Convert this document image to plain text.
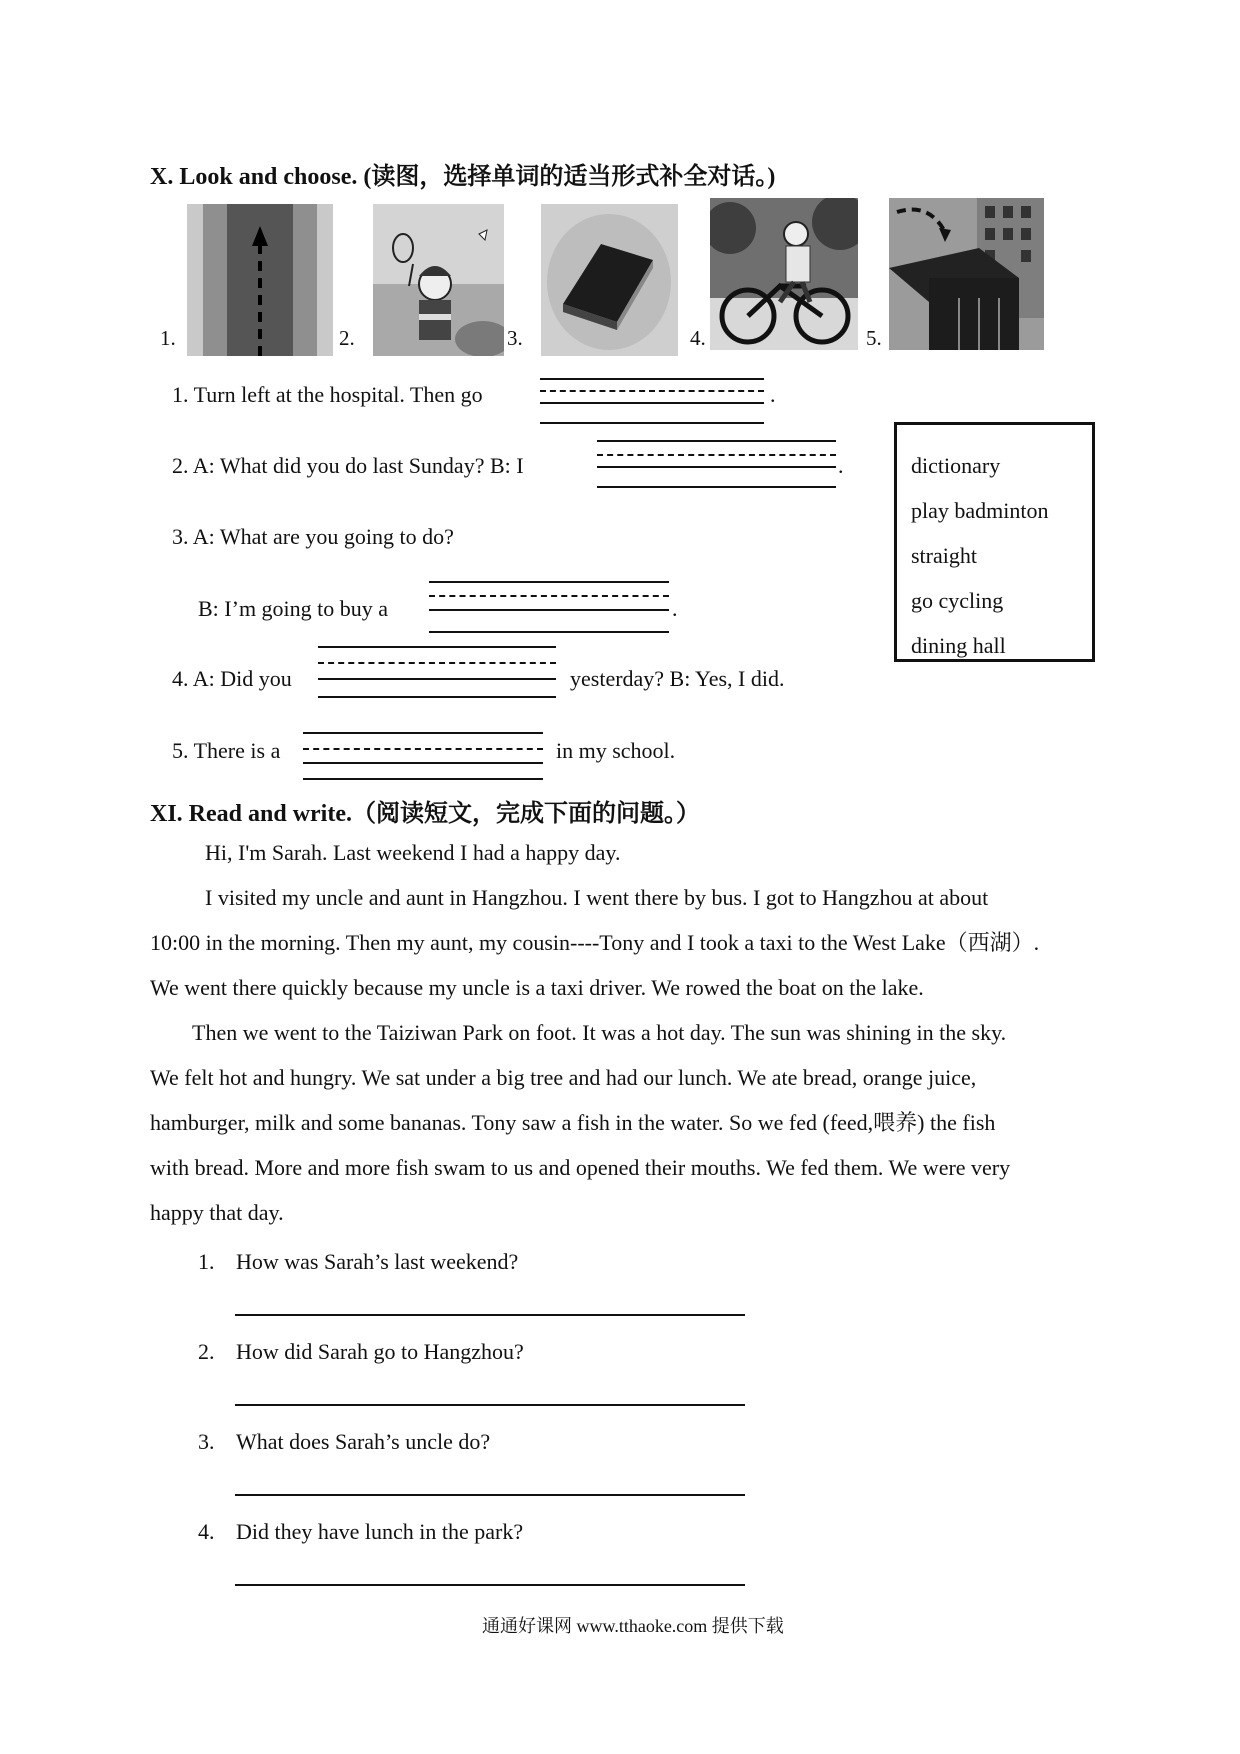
X. Look and choose. (读图，选择单词的适当形式补全对话。)
1.	2.	3.	4.	5.
1. Turn left at the hospital. Then go	.
2. A: What did you do last Sunday? B: I	.
3. A: What are you going to do?
B: I’m going to buy a	.
4. A: Did you	yesterday? B: Yes, I did.
5. There is a	in my school.
dictionary
play badminton
straight
go cycling
dining hall
XI. Read and write.（阅读短文，完成下面的问题。）
Hi, I'm Sarah. Last weekend I had a happy day.
I visited my uncle and aunt in Hangzhou. I went there by bus. I got to Hangzhou at about
10:00 in the morning. Then my aunt, my cousin----Tony and I took a taxi to the West Lake（西湖）.
We went there quickly because my uncle is a taxi driver. We rowed the boat on the lake.
Then we went to the Taiziwan Park on foot. It was a hot day. The sun was shining in the sky.
We felt hot and hungry. We sat under a big tree and had our lunch. We ate bread, orange juice,
hamburger, milk and some bananas. Tony saw a fish in the water. So we fed (feed,喂养) the fish
with bread. More and more fish swam to us and opened their mouths. We fed them. We were very
happy that day.
1. How was Sarah’s last weekend?
2. How did Sarah go to Hangzhou?
3. What does Sarah’s uncle do?
4. Did they have lunch in the park?
通通好课网 www.tthaoke.com 提供下载
